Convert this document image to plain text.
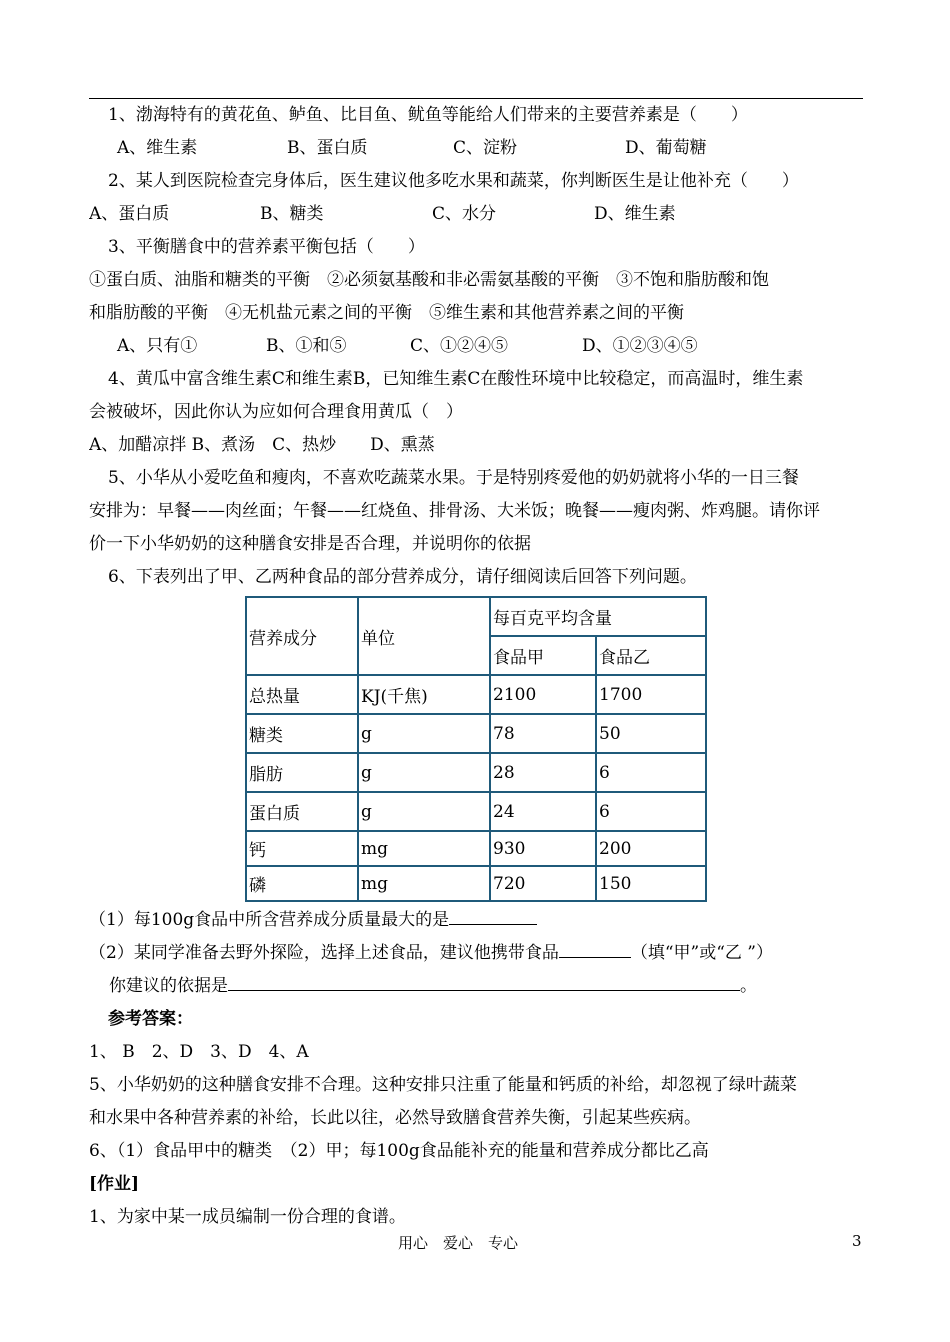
1、渤海特有的黄花鱼、鲈鱼、比目鱼、鱿鱼等能给人们带来的主要营养素是（　　）
A、维生素	B、蛋白质	C、淀粉	D、葡萄糖
2、某人到医院检查完身体后，医生建议他多吃水果和蔬菜，你判断医生是让他补充（　　）
A、蛋白质	B、糖类	C、水分	D、维生素
3、平衡膳食中的营养素平衡包括（　　）
①蛋白质、油脂和糖类的平衡　②必须氨基酸和非必需氨基酸的平衡　③不饱和脂肪酸和饱
和脂肪酸的平衡　④无机盐元素之间的平衡　⑤维生素和其他营养素之间的平衡
A、只有①	B、①和⑤	C、①②④⑤	D、①②③④⑤
4、黄瓜中富含维生素C和维生素B，已知维生素C在酸性环境中比较稳定，而高温时，维生素
会被破坏，因此你认为应如何合理食用黄瓜（　）
A、加醋凉拌 B、煮汤　C、热炒　　D、熏蒸
5、小华从小爱吃鱼和瘦肉，不喜欢吃蔬菜水果。于是特别疼爱他的奶奶就将小华的一日三餐
安排为：早餐——肉丝面；午餐——红烧鱼、排骨汤、大米饭；晚餐——瘦肉粥、炸鸡腿。请你评
价一下小华奶奶的这种膳食安排是否合理，并说明你的依据
6、下表列出了甲、乙两种食品的部分营养成分，请仔细阅读后回答下列问题。
营养成分	单位	每百克平均含量	
		食品甲	食品乙
总热量	KJ(千焦)	2100	1700
糖类	g	78	50
脂肪	g	28	6
蛋白质	g	24	6
钙	mg	930	200
磷	mg	720	150
（1）每100g食品中所含营养成分质量最大的是
（2）某同学准备去野外探险，选择上述食品，建议他携带食品	（填“甲”或“乙 ”）
你建议的依据是	。
参考答案：
1、 B　2、D　3、D　4、A
5、小华奶奶的这种膳食安排不合理。这种安排只注重了能量和钙质的补给，却忽视了绿叶蔬菜
和水果中各种营养素的补给，长此以往，必然导致膳食营养失衡，引起某些疾病。
6、（1）食品甲中的糖类　（2）甲；每100g食品能补充的能量和营养成分都比乙高
[作业]
1、为家中某一成员编制一份合理的食谱。
用心　爱心　专心	3
